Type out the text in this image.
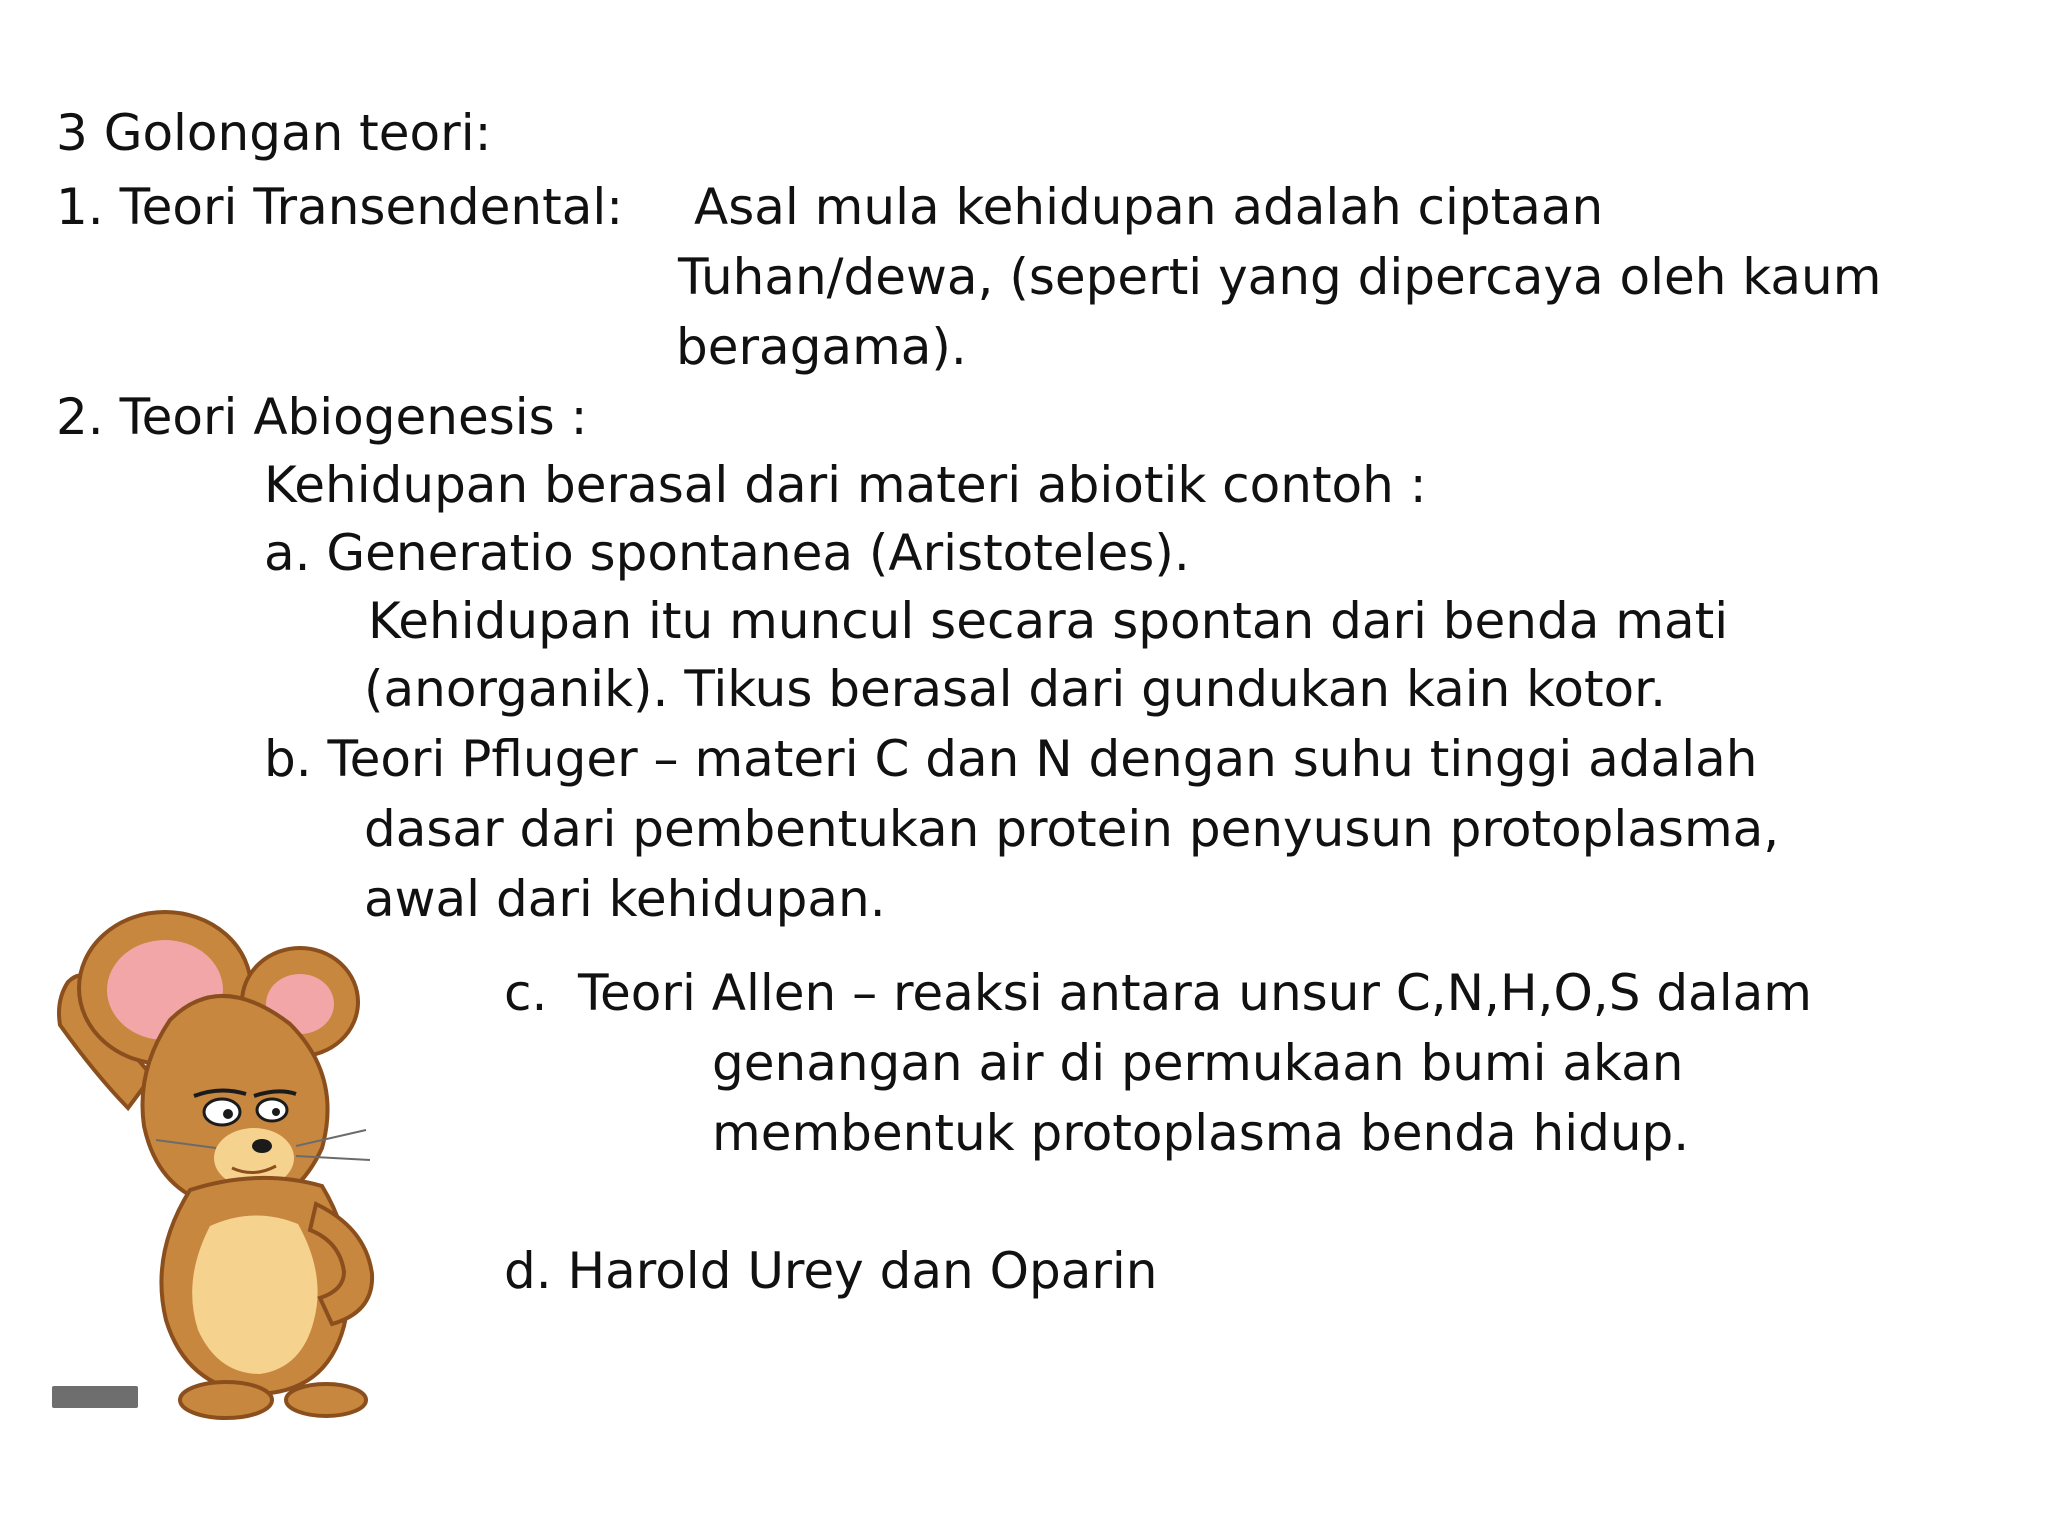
3 Golongan teori:
1. Teori Transendental: Asal mula kehidupan adalah ciptaan
Tuhan/dewa, (seperti yang dipercaya oleh kaum
beragama).
2. Teori Abiogenesis :
Kehidupan berasal dari materi abiotik contoh :
a. Generatio spontanea (Aristoteles).
Kehidupan itu muncul secara spontan dari benda mati
(anorganik). Tikus berasal dari gundukan kain kotor.
b. Teori Pfluger – materi C dan N dengan suhu tinggi adalah
dasar dari pembentukan protein penyusun protoplasma,
awal dari kehidupan.
c. Teori Allen – reaksi antara unsur C,N,H,O,S dalam
genangan air di permukaan bumi akan
membentuk protoplasma benda hidup.
d. Harold Urey dan Oparin
